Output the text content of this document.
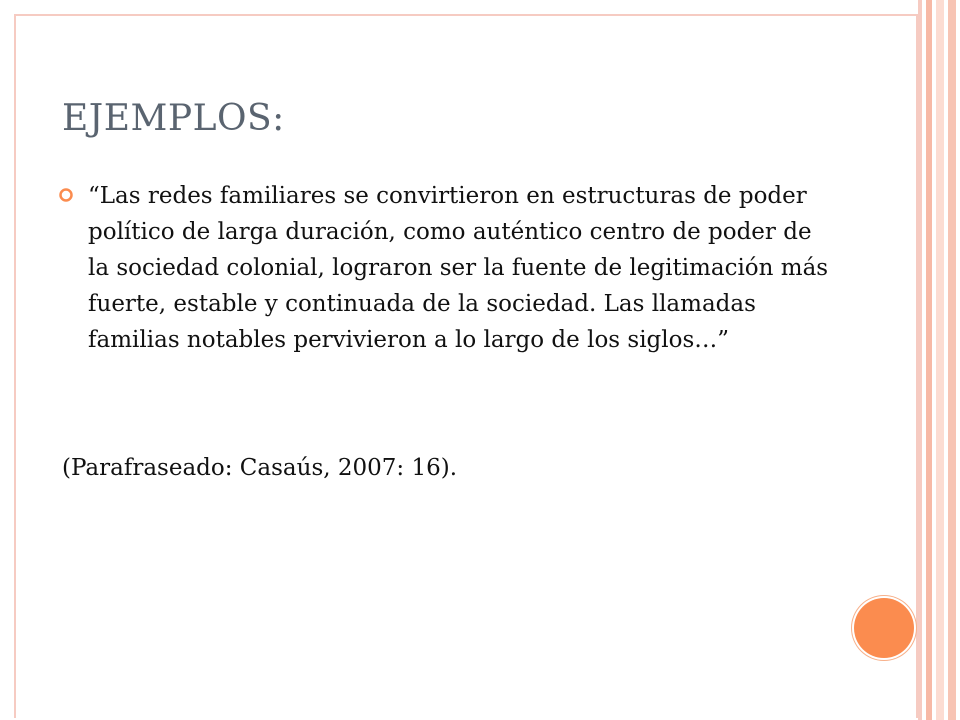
EJEMPLOS:

“Las redes familiares se convirtieron en estructuras de poder político de larga duración, como auténtico centro de poder de la sociedad colonial, lograron ser la fuente de legitimación más fuerte, estable y continuada de la sociedad. Las llamadas familias notables pervivieron a lo largo de los siglos…”

(Parafraseado: Casaús, 2007: 16).
